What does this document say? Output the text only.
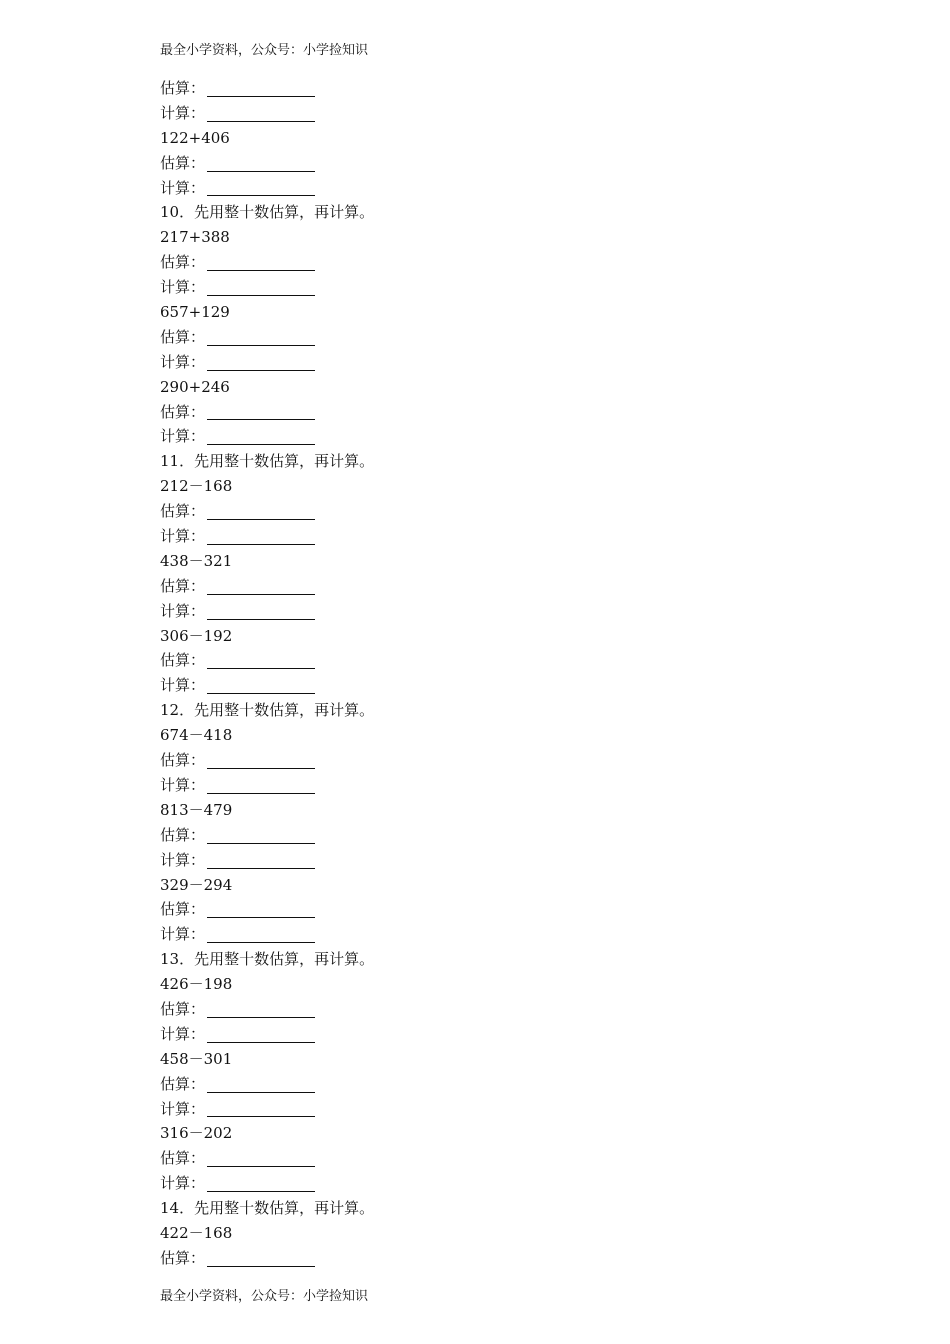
最全小学资料，公众号：小学捡知识
估算：
计算：
122+406
估算：
计算：
10．先用整十数估算，再计算。
217+388
估算：
计算：
657+129
估算：
计算：
290+246
估算：
计算：
11．先用整十数估算，再计算。
212－168
估算：
计算：
438－321
估算：
计算：
306－192
估算：
计算：
12．先用整十数估算，再计算。
674－418
估算：
计算：
813－479
估算：
计算：
329－294
估算：
计算：
13．先用整十数估算，再计算。
426－198
估算：
计算：
458－301
估算：
计算：
316－202
估算：
计算：
14．先用整十数估算，再计算。
422－168
估算：
最全小学资料，公众号：小学捡知识
